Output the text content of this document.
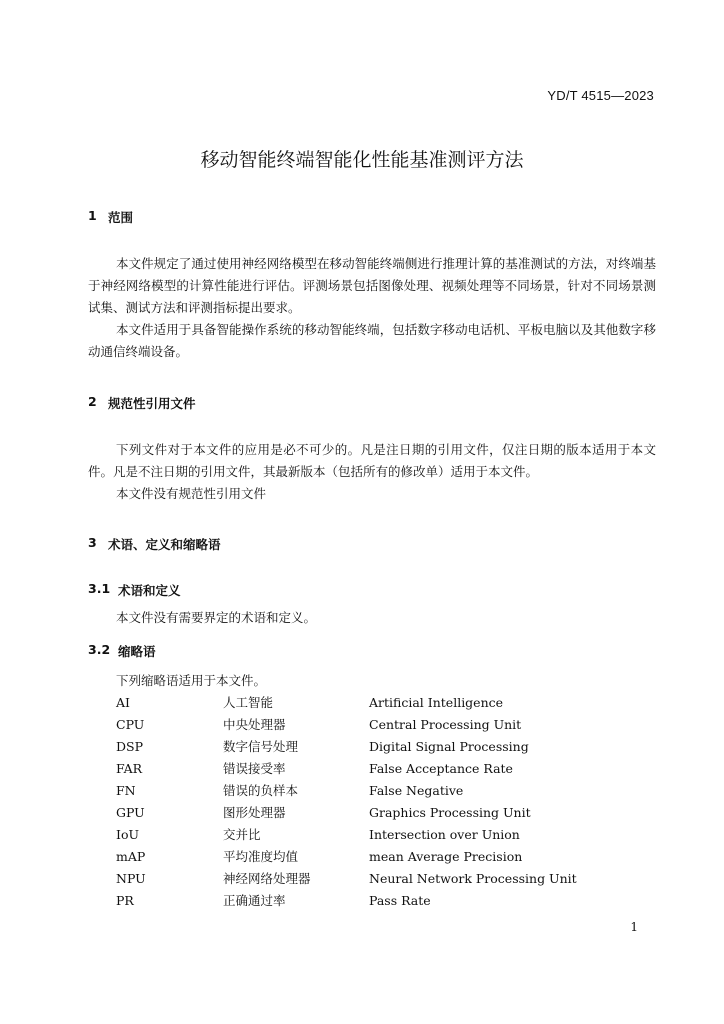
YD/T 4515—2023
移动智能终端智能化性能基准测评方法
1 范围

本文件规定了通过使用神经网络模型在移动智能终端侧进行推理计算的基准测试的方法，对终端基于神经网络模型的计算性能进行评估。评测场景包括图像处理、视频处理等不同场景，针对不同场景测试集、测试方法和评测指标提出要求。

本文件适用于具备智能操作系统的移动智能终端，包括数字移动电话机、平板电脑以及其他数字移动通信终端设备。

2 规范性引用文件

下列文件对于本文件的应用是必不可少的。凡是注日期的引用文件，仅注日期的版本适用于本文件。凡是不注日期的引用文件，其最新版本（包括所有的修改单）适用于本文件。

本文件没有规范性引用文件

3 术语、定义和缩略语
3.1 术语和定义

本文件没有需要界定的术语和定义。

3.2 缩略语
下列缩略语适用于本文件。
AI	人工智能	Artificial Intelligence
CPU	中央处理器	Central Processing Unit
DSP	数字信号处理	Digital Signal Processing
FAR	错误接受率	False Acceptance Rate
FN	错误的负样本	False Negative
GPU	图形处理器	Graphics Processing Unit
IoU	交并比	Intersection over Union
mAP	平均准度均值	mean Average Precision
NPU	神经网络处理器	Neural Network Processing Unit
PR	正确通过率	Pass Rate
1
